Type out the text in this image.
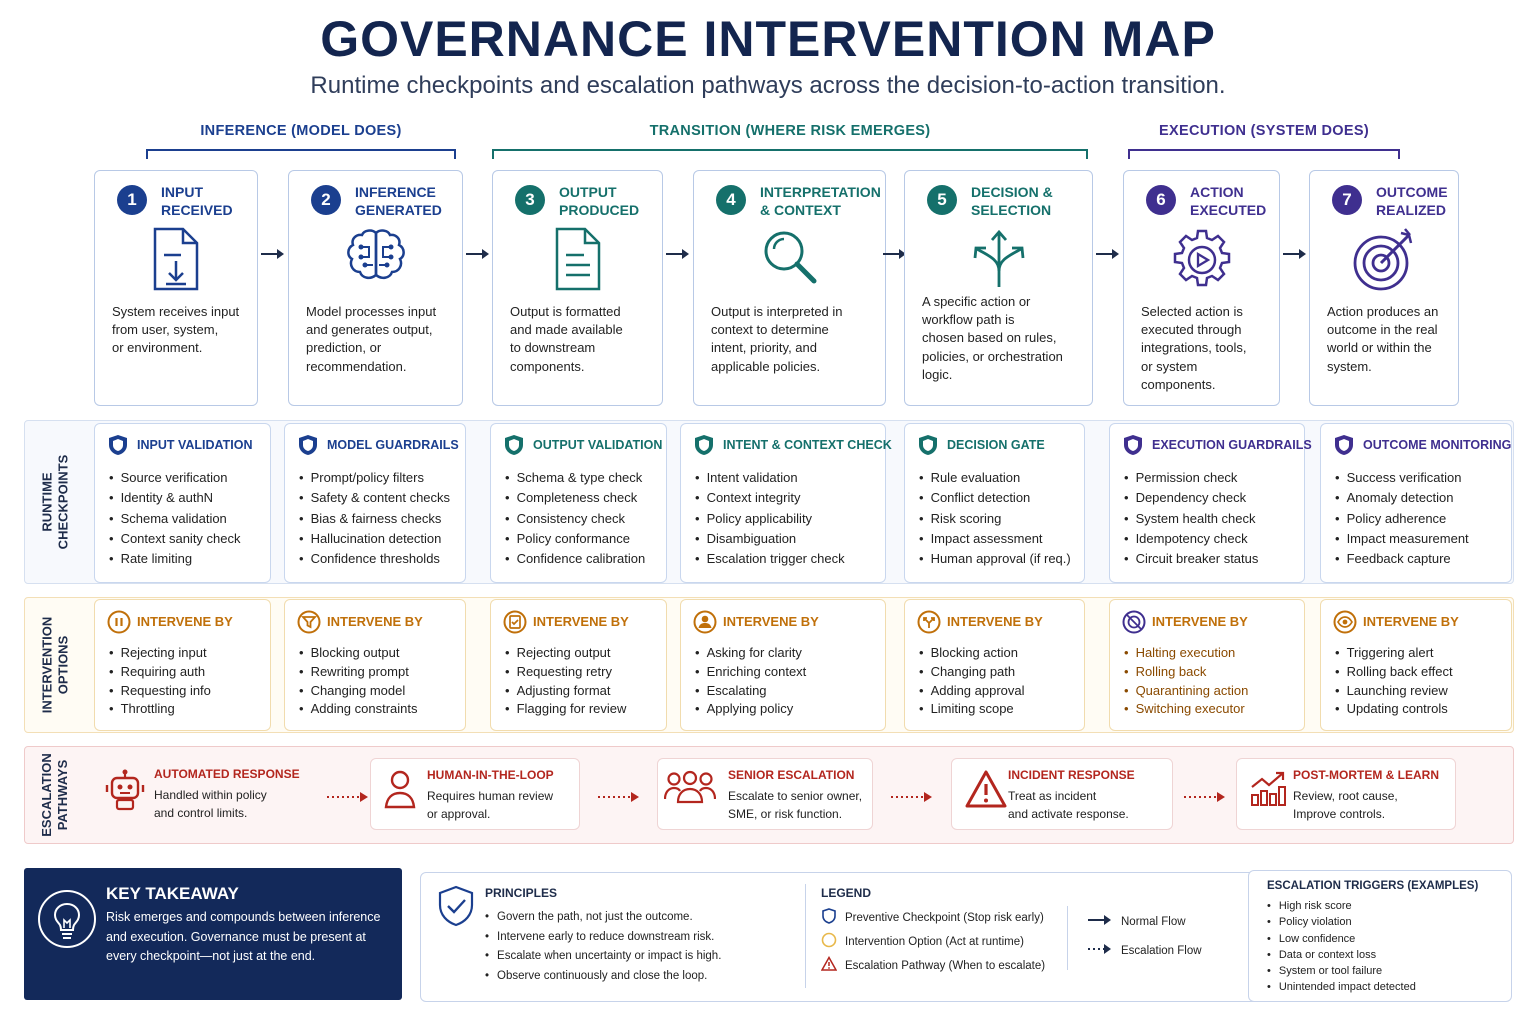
GOVERNANCE INTERVENTION MAP
Runtime checkpoints and escalation pathways across the decision-to-action transition.
INFERENCE (MODEL DOES)	TRANSITION (WHERE RISK EMERGES)	EXECUTION (SYSTEM DOES)
1	INPUT
RECEIVED
System receives input
from user, system,
or environment.
2	INFERENCE
GENERATED
Model processes input
and generates output,
prediction, or
recommendation.
3	OUTPUT
PRODUCED
Output is formatted
and made available
to downstream
components.
4	INTERPRETATION
& CONTEXT
Output is interpreted in
context to determine
intent, priority, and
applicable policies.
5	DECISION &
SELECTION
A specific action or
workflow path is
chosen based on rules,
policies, or orchestration
logic.
6	ACTION
EXECUTED
Selected action is
executed through
integrations, tools,
or system
components.
7	OUTCOME
REALIZED
Action produces an
outcome in the real
world or within the
system.
RUNTIME
CHECKPOINTS
INPUT VALIDATION
• Source verification
• Identity & authN
• Schema validation
• Context sanity check
• Rate limiting
MODEL GUARDRAILS
• Prompt/policy filters
• Safety & content checks
• Bias & fairness checks
• Hallucination detection
• Confidence thresholds
OUTPUT VALIDATION
• Schema & type check
• Completeness check
• Consistency check
• Policy conformance
• Confidence calibration
INTENT & CONTEXT CHECK
• Intent validation
• Context integrity
• Policy applicability
• Disambiguation
• Escalation trigger check
DECISION GATE
• Rule evaluation
• Conflict detection
• Risk scoring
• Impact assessment
• Human approval (if req.)
EXECUTION GUARDRAILS
• Permission check
• Dependency check
• System health check
• Idempotency check
• Circuit breaker status
OUTCOME MONITORING
• Success verification
• Anomaly detection
• Policy adherence
• Impact measurement
• Feedback capture
INTERVENTION
OPTIONS
INTERVENE BY
• Rejecting input
• Requiring auth
• Requesting info
• Throttling
INTERVENE BY
• Blocking output
• Rewriting prompt
• Changing model
• Adding constraints
INTERVENE BY
• Rejecting output
• Requesting retry
• Adjusting format
• Flagging for review
INTERVENE BY
• Asking for clarity
• Enriching context
• Escalating
• Applying policy
INTERVENE BY
• Blocking action
• Changing path
• Adding approval
• Limiting scope
INTERVENE BY
• Halting execution
• Rolling back
• Quarantining action
• Switching executor
INTERVENE BY
• Triggering alert
• Rolling back effect
• Launching review
• Updating controls
ESCALATION
PATHWAYS	AUTOMATED RESPONSE
Handled within policy
and control limits.
HUMAN-IN-THE-LOOP
Requires human review
or approval.
SENIOR ESCALATION
Escalate to senior owner,
SME, or risk function.
INCIDENT RESPONSE
Treat as incident
and activate response.
POST-MORTEM & LEARN
Review, root cause,
Improve controls.
KEY TAKEAWAY
Risk emerges and compounds between inference and execution. Governance must be present at every checkpoint—not just at the end.
PRINCIPLES
• Govern the path, not just the outcome.
• Intervene early to reduce downstream risk.
• Escalate when uncertainty or impact is high.
• Observe continuously and close the loop.
LEGEND
Preventive Checkpoint (Stop risk early)
Intervention Option (Act at runtime)
Escalation Pathway (When to escalate)
Normal Flow
Escalation Flow
ESCALATION TRIGGERS (EXAMPLES)
• High risk score
• Policy violation
• Low confidence
• Data or context loss
• System or tool failure
• Unintended impact detected
